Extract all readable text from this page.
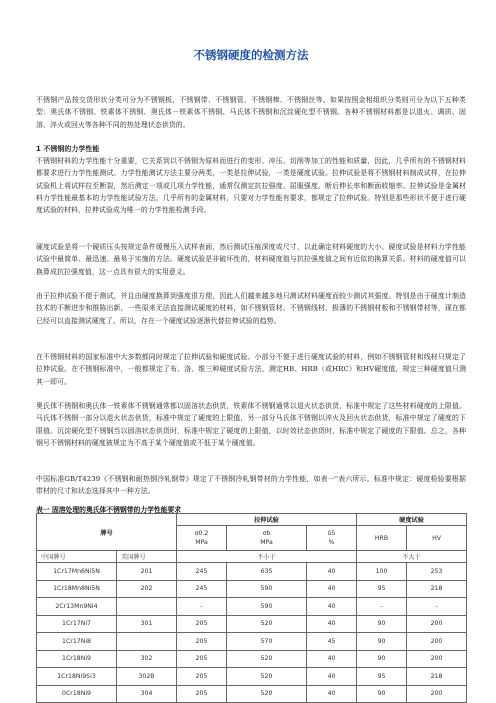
不锈钢硬度的检测方法

不锈钢产品按交货形状分类可分为不锈钢板、不锈钢带、不锈钢管、不锈钢棒、不锈钢丝等。如果按照金相组织分类则可分为以下五种类型：奥氏体不锈钢、铁素体不锈钢、奥氏体－铁素体不锈钢、马氏体不锈钢和沉淀硬化型不锈钢。各种不锈钢材料都是以退火、调质、固溶、淬火或回火等各种不同的热处理状态供货的。

1 不锈钢的力学性能

不锈钢材料的力学性能十分重要，它关系到以不锈钢为原料而进行的变形、冲压、切削等加工的性能和质量，因此，几乎所有的不锈钢材料都要求进行力学性能测试。力学性能测试方法主要分两类，一类是拉伸试验，一类是硬度试验。拉伸试验是将不锈钢材料制成试样，在拉伸试验机上将试样拉至断裂，然后测定一项或几项力学性能，通常仅测定抗拉强度、屈服强度、断后伸长率和断面收缩率。拉伸试验是金属材料力学性能最基本的力学性能试验方法，几乎所有的金属材料，只要对力学性能有要求，都规定了拉伸试验。特别是那些形状不便于进行硬度试验的材料，拉伸试验成为唯一的力学性能检测手段。

硬度试验是将一个硬质压头按规定条件缓慢压入试样表面，然后测试压痕深度或尺寸，以此确定材料硬度的大小。硬度试验是材料力学性能试验中最简单、最迅速、最易于实施的方法。硬度试验是非破坏性的，材料硬度值与抗拉强度值之间有近似的换算关系。材料的硬度值可以换算成抗拉强度值，这一点具有很大的实用意义。

由于拉伸试验不便于测试，并且由硬度换算到强度很方便，因此人们越来越多地只测试材料硬度而较少测试其强度。特别是由于硬度计制造技术的不断进步和推陈出新，一些原来无法直接测试硬度的材料，如不锈钢管材、不锈钢线材、极薄的不锈钢材板和不锈钢带材等，现在都已经可以直接测试硬度了。所以，存在一个硬度试验逐渐代替拉伸试验的趋势。

在不锈钢材料的国家标准中大多数都同时规定了拉伸试验和硬度试验。小部分不便于进行硬度试验的材料，例如不锈钢管材和线材只规定了拉伸试验。在不锈钢标准中，一般都规定了布、洛、维三种硬度试验方法，测定HB、HRB（或HRC）和HV硬度值，规定三种硬度值只测其一即可。

奥氏体不锈钢和奥氏体一铁素体不锈钢通常都以固溶状态供货，铁素体不锈钢通常以退火状态供货，标准中规定了这些材料硬度的上限值。马氏体不锈钢一部分以退火状态供货，标准中规定了硬度的上限值，另一部分马氏体不锈钢以淬火及回火状态供货，标准中规定了硬度的下限值。沉淀硬化型不锈钢当以固溶状态供货时，标准中规定了硬度的上限值，以时效状态供货时，标准中规定了硬度的下限值。总之，各种钢号不锈钢材料的硬度被规定为不高于某个硬度值或不低于某个硬度值。

中国标准GB/T4239《不锈钢和耐热钢冷轧钢带》规定了不锈钢冷轧钢带材的力学性能，如表一"表六所示。标准中规定：硬度检验要根据带材的尺寸和状态选择其中一种方法。

表一 固溶处理的奥氏体不锈钢带的力学性能要求
牌号		拉伸试验			硬度试验	
		σ0.2
MPa	σb
MPa	δ5
%	HRB	HV
中国牌号	美国牌号	不小于			不大于	
1Cr17Mn6Ni5N	201	245	635	40	100	253
1Cr18Mn8Ni5N	202	245	590	40	95	218
2Cr13Mn9Ni4		-	590	40	-	-
1Cr17Ni7	301	205	520	40	90	200
1Cr17Ni8		205	570	45	90	200
1Cr18Ni9	302	205	520	40	90	200
1Cr18Ni9Si3	302B	205	520	40	95	218
0Cr18Ni9	304	205	520	40	90	200
